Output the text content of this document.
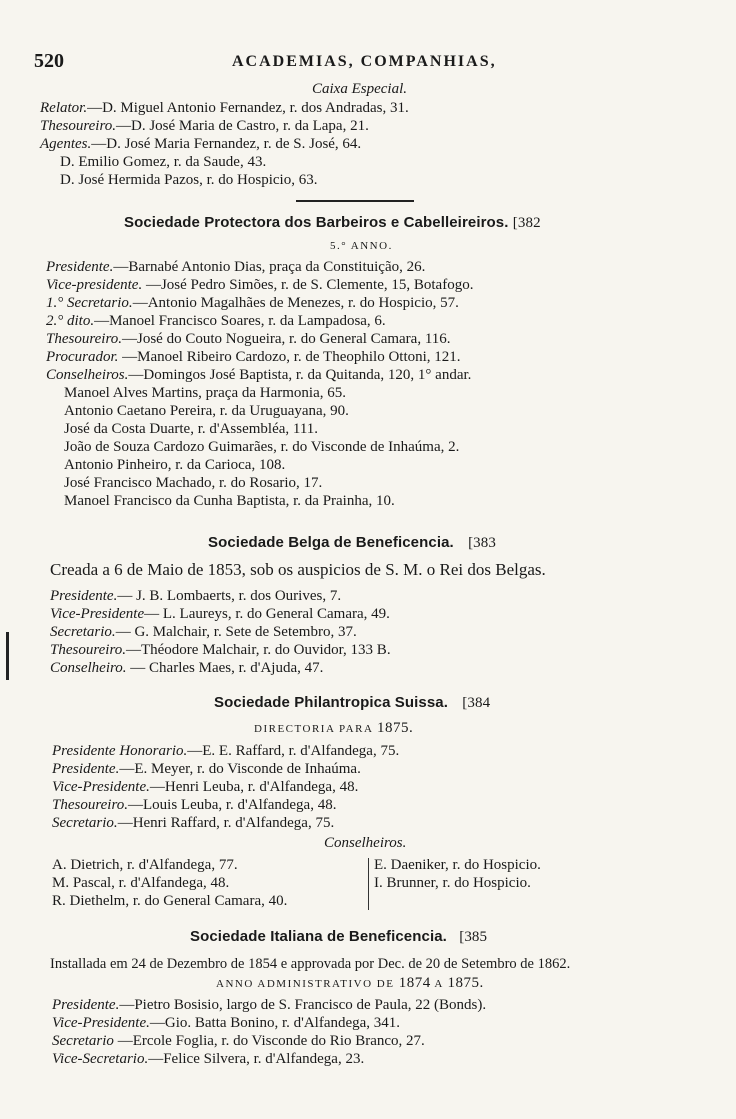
520	ACADEMIAS, COMPANHIAS,
Caixa Especial.
Relator.—D. Miguel Antonio Fernandez, r. dos Andradas, 31.
Thesoureiro.—D. José Maria de Castro, r. da Lapa, 21.
Agentes.—D. José Maria Fernandez, r. de S. José, 64.
D. Emilio Gomez, r. da Saude, 43.
D. José Hermida Pazos, r. do Hospicio, 63.
Sociedade Protectora dos Barbeiros e Cabelleireiros. [382
5.° ANNO.
Presidente.—Barnabé Antonio Dias, praça da Constituição, 26.
Vice-presidente. —José Pedro Simões, r. de S. Clemente, 15, Botafogo.
1.° Secretario.—Antonio Magalhães de Menezes, r. do Hospicio, 57.
2.° dito.—Manoel Francisco Soares, r. da Lampadosa, 6.
Thesoureiro.—José do Couto Nogueira, r. do General Camara, 116.
Procurador. —Manoel Ribeiro Cardozo, r. de Theophilo Ottoni, 121.
Conselheiros.—Domingos José Baptista, r. da Quitanda, 120, 1° andar.
Manoel Alves Martins, praça da Harmonia, 65.
Antonio Caetano Pereira, r. da Uruguayana, 90.
José da Costa Duarte, r. d'Assembléa, 111.
João de Souza Cardozo Guimarães, r. do Visconde de Inhaúma, 2.
Antonio Pinheiro, r. da Carioca, 108.
José Francisco Machado, r. do Rosario, 17.
Manoel Francisco da Cunha Baptista, r. da Prainha, 10.
Sociedade Belga de Beneficencia. [383
Creada a 6 de Maio de 1853, sob os auspicios de S. M. o Rei dos Belgas.
Presidente.— J. B. Lombaerts, r. dos Ourives, 7.
Vice-Presidente— L. Laureys, r. do General Camara, 49.
Secretario.— G. Malchair, r. Sete de Setembro, 37.
Thesoureiro.—Théodore Malchair, r. do Ouvidor, 133 B.
Conselheiro. — Charles Maes, r. d'Ajuda, 47.
Sociedade Philantropica Suissa. [384
DIRECTORIA PARA 1875.
Presidente Honorario.—E. E. Raffard, r. d'Alfandega, 75.
Presidente.—E. Meyer, r. do Visconde de Inhaúma.
Vice-Presidente.—Henri Leuba, r. d'Alfandega, 48.
Thesoureiro.—Louis Leuba, r. d'Alfandega, 48.
Secretario.—Henri Raffard, r. d'Alfandega, 75.
Conselheiros.
A. Dietrich, r. d'Alfandega, 77.
M. Pascal, r. d'Alfandega, 48.
R. Diethelm, r. do General Camara, 40.
E. Daeniker, r. do Hospicio.
I. Brunner, r. do Hospicio.
Sociedade Italiana de Beneficencia. [385
Installada em 24 de Dezembro de 1854 e approvada por Dec. de 20 de Setembro de 1862.
ANNO ADMINISTRATIVO DE 1874 A 1875.
Presidente.—Pietro Bosisio, largo de S. Francisco de Paula, 22 (Bonds).
Vice-Presidente.—Gio. Batta Bonino, r. d'Alfandega, 341.
Secretario —Ercole Foglia, r. do Visconde do Rio Branco, 27.
Vice-Secretario.—Felice Silvera, r. d'Alfandega, 23.
